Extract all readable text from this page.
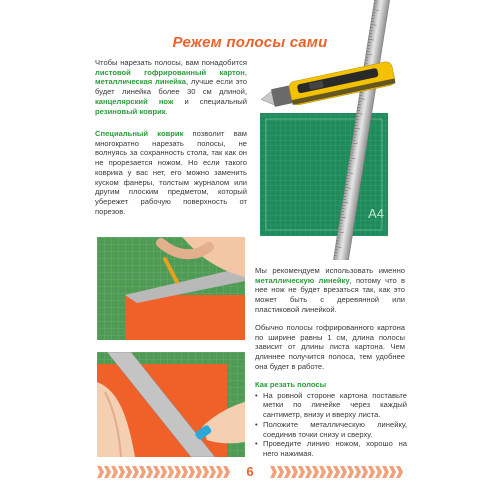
Режем полосы сами
Чтобы нарезать полосы, вам понадобится листовой гофрированный картон, металлическая линейка, лучше если это будет линейка более 30 см длиной, канцелярский нож и специальный резиновый коврик.
Специальный коврик позволит вам многократно нарезать полосы, не волнуясь за сохранность стола, так как он не прорезается ножом. Но если такого коврика у вас нет, его можно заменить куском фанеры, толстым журналом или другим плоским предметом, который убережет рабочую поверхность от порезов.	A4
Мы рекомендуем использовать именно металлическую линейку, потому что в нее нож не будет врезаться так, как это может быть с деревянной или пластиковой линейкой.
Обычно полосы гофрированного картона по ширине равны 1 см, длина полосы зависит от длины листа картона. Чем длиннее получится полоса, тем удобнее она будет в работе.
Как резать полосы
• На ровной стороне картона поставьте метки по линейке через каждый сантиметр, внизу и вверху листа.
• Положите металлическую линейку, соединив точки снизу и сверху.
• Проведите линию ножом, хорошо на него нажимая.
6
